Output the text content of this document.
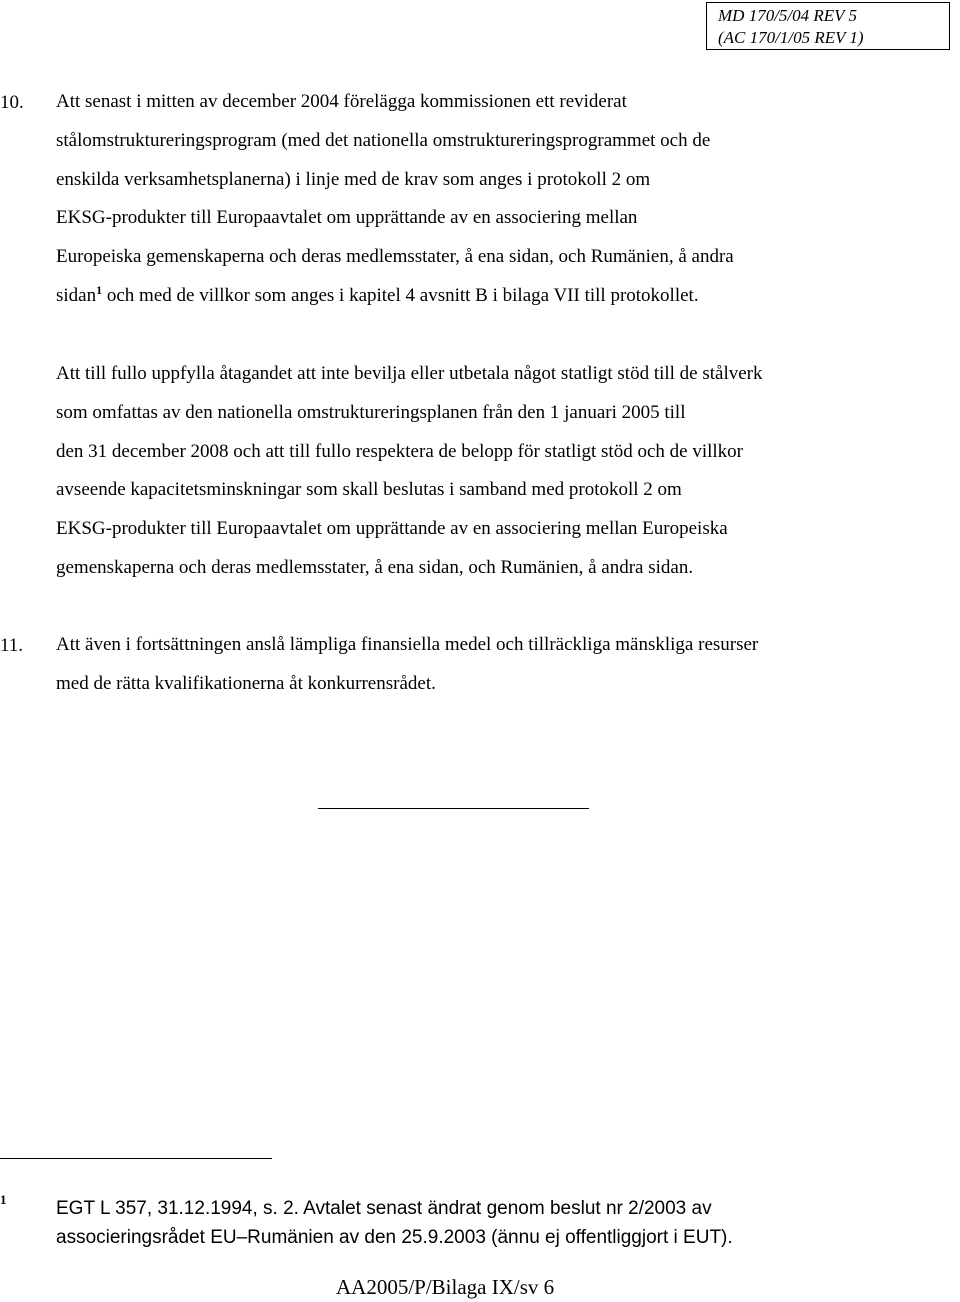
MD 170/5/04 REV 5
(AC 170/1/05 REV 1)
10. Att senast i mitten av december 2004 förelägga kommissionen ett reviderat
stålomstruktureringsprogram (med det nationella omstruktureringsprogrammet och de
enskilda verksamhetsplanerna) i linje med de krav som anges i protokoll 2 om
EKSG-produkter till Europaavtalet om upprättande av en associering mellan
Europeiska gemenskaperna och deras medlemsstater, å ena sidan, och Rumänien, å andra
sidan$^1$ och med de villkor som anges i kapitel 4 avsnitt B i bilaga VII till protokollet.
Att till fullo uppfylla åtagandet att inte bevilja eller utbetala något statligt stöd till de stålverk
som omfattas av den nationella omstruktureringsplanen från den 1 januari 2005 till
den 31 december 2008 och att till fullo respektera de belopp för statligt stöd och de villkor
avseende kapacitetsminskningar som skall beslutas i samband med protokoll 2 om
EKSG-produkter till Europaavtalet om upprättande av en associering mellan Europeiska
gemenskaperna och deras medlemsstater, å ena sidan, och Rumänien, å andra sidan.
11. Att även i fortsättningen anslå lämpliga finansiella medel och tillräckliga mänskliga resurser
med de rätta kvalifikationerna åt konkurrensrådet.
1	EGT L 357, 31.12.1994, s. 2. Avtalet senast ändrat genom beslut nr 2/2003 av
associeringsrådet EU–Rumänien av den 25.9.2003 (ännu ej offentliggjort i EUT).
AA2005/P/Bilaga IX/sv 6
